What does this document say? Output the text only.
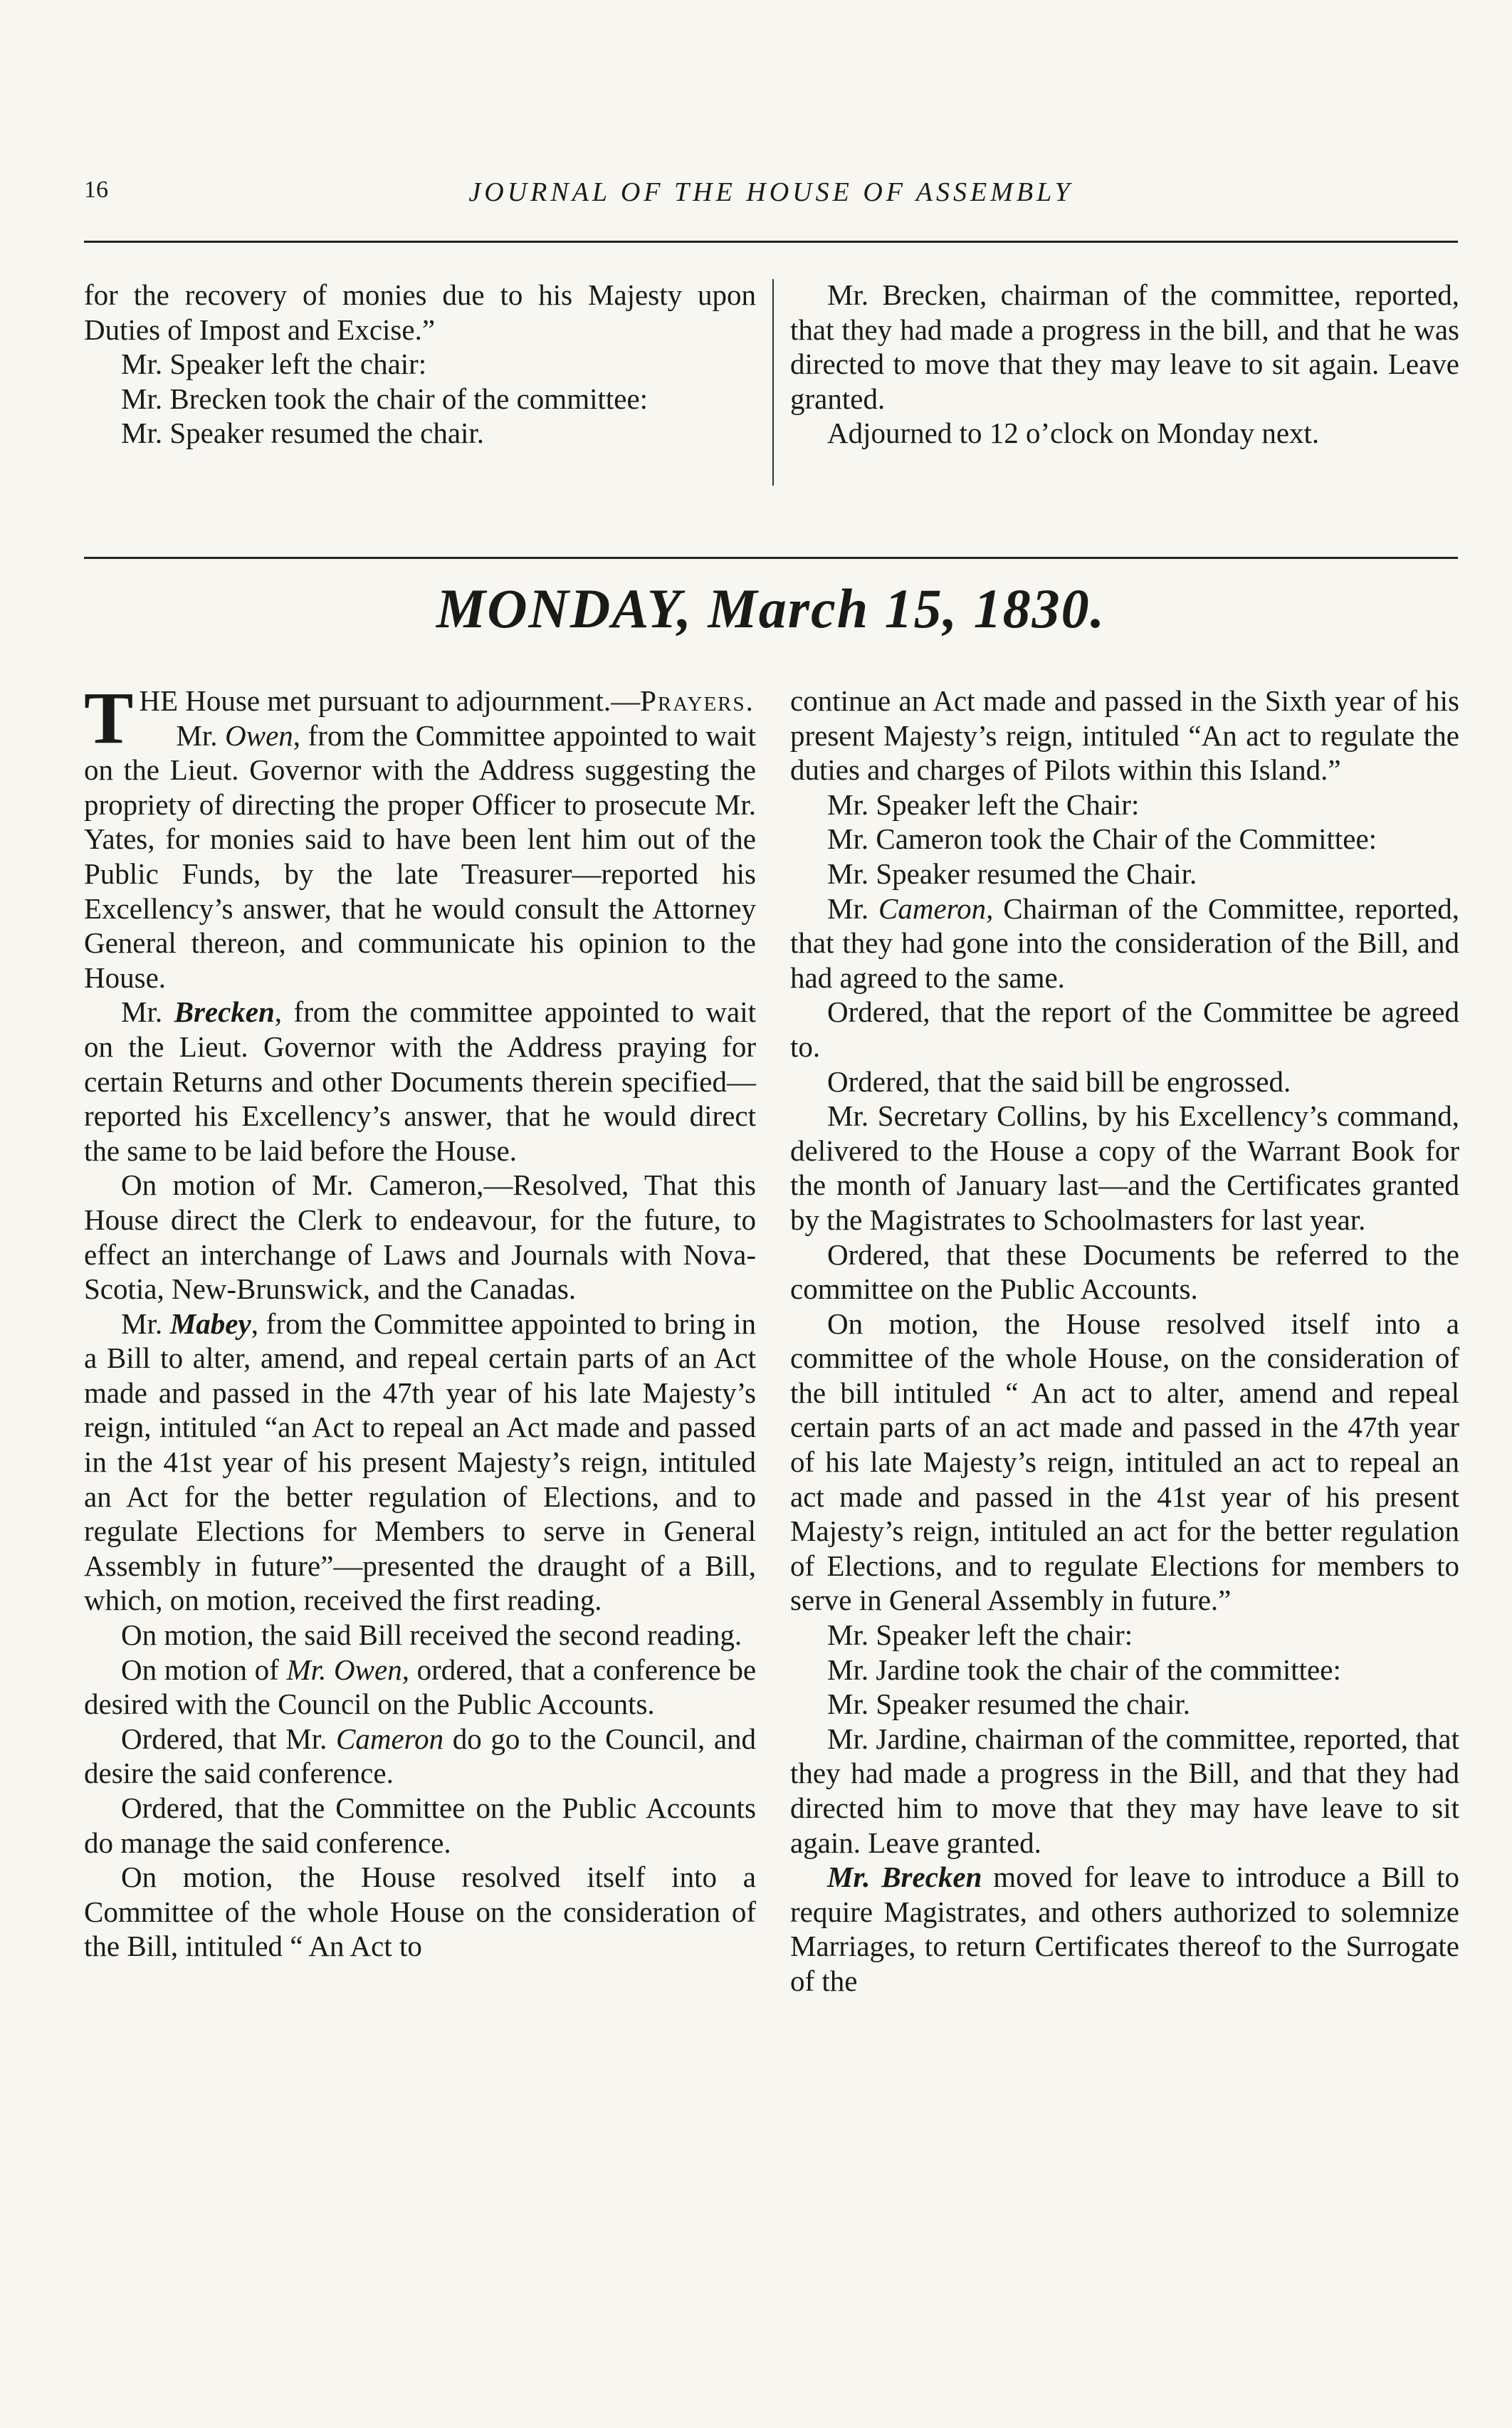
16	JOURNAL OF THE HOUSE OF ASSEMBLY

for the recovery of monies due to his Majesty upon Duties of Impost and Excise.”

Mr. Speaker left the chair:

Mr. Brecken took the chair of the committee:

Mr. Speaker resumed the chair.

Mr. Brecken, chairman of the committee, reported, that they had made a progress in the bill, and that he was directed to move that they may leave to sit again. Leave granted.

Adjourned to 12 o’clock on Monday next.

MONDAY, March 15, 1830.

THE House met pursuant to adjournment.—Prayers.

Mr. Owen, from the Committee appointed to wait on the Lieut. Governor with the Address suggesting the propriety of directing the proper Officer to prosecute Mr. Yates, for monies said to have been lent him out of the Public Funds, by the late Treasurer—reported his Excellency’s answer, that he would consult the Attorney General thereon, and communicate his opinion to the House.

Mr. Brecken, from the committee appointed to wait on the Lieut. Governor with the Address praying for certain Returns and other Documents therein specified—reported his Excellency’s answer, that he would direct the same to be laid before the House.

On motion of Mr. Cameron,—Resolved, That this House direct the Clerk to endeavour, for the future, to effect an interchange of Laws and Journals with Nova-Scotia, New-Brunswick, and the Canadas.

Mr. Mabey, from the Committee appointed to bring in a Bill to alter, amend, and repeal certain parts of an Act made and passed in the 47th year of his late Majesty’s reign, intituled “an Act to repeal an Act made and passed in the 41st year of his present Majesty’s reign, intituled an Act for the better regulation of Elections, and to regulate Elections for Members to serve in General Assembly in future”—presented the draught of a Bill, which, on motion, received the first reading.

On motion, the said Bill received the second reading.

On motion of Mr. Owen, ordered, that a conference be desired with the Council on the Public Accounts.

Ordered, that Mr. Cameron do go to the Council, and desire the said conference.

Ordered, that the Committee on the Public Accounts do manage the said conference.

On motion, the House resolved itself into a Committee of the whole House on the consideration of the Bill, intituled “ An Act to

continue an Act made and passed in the Sixth year of his present Majesty’s reign, intituled “An act to regulate the duties and charges of Pilots within this Island.”

Mr. Speaker left the Chair:

Mr. Cameron took the Chair of the Committee:

Mr. Speaker resumed the Chair.

Mr. Cameron, Chairman of the Committee, reported, that they had gone into the consideration of the Bill, and had agreed to the same.

Ordered, that the report of the Committee be agreed to.

Ordered, that the said bill be engrossed.

Mr. Secretary Collins, by his Excellency’s command, delivered to the House a copy of the Warrant Book for the month of January last—and the Certificates granted by the Magistrates to Schoolmasters for last year.

Ordered, that these Documents be referred to the committee on the Public Accounts.

On motion, the House resolved itself into a committee of the whole House, on the consideration of the bill intituled “ An act to alter, amend and repeal certain parts of an act made and passed in the 47th year of his late Majesty’s reign, intituled an act to repeal an act made and passed in the 41st year of his present Majesty’s reign, intituled an act for the better regulation of Elections, and to regulate Elections for members to serve in General Assembly in future.”

Mr. Speaker left the chair:

Mr. Jardine took the chair of the committee:

Mr. Speaker resumed the chair.

Mr. Jardine, chairman of the committee, reported, that they had made a progress in the Bill, and that they had directed him to move that they may have leave to sit again. Leave granted.

Mr. Brecken moved for leave to introduce a Bill to require Magistrates, and others authorized to solemnize Marriages, to return Certificates thereof to the Surrogate of the
